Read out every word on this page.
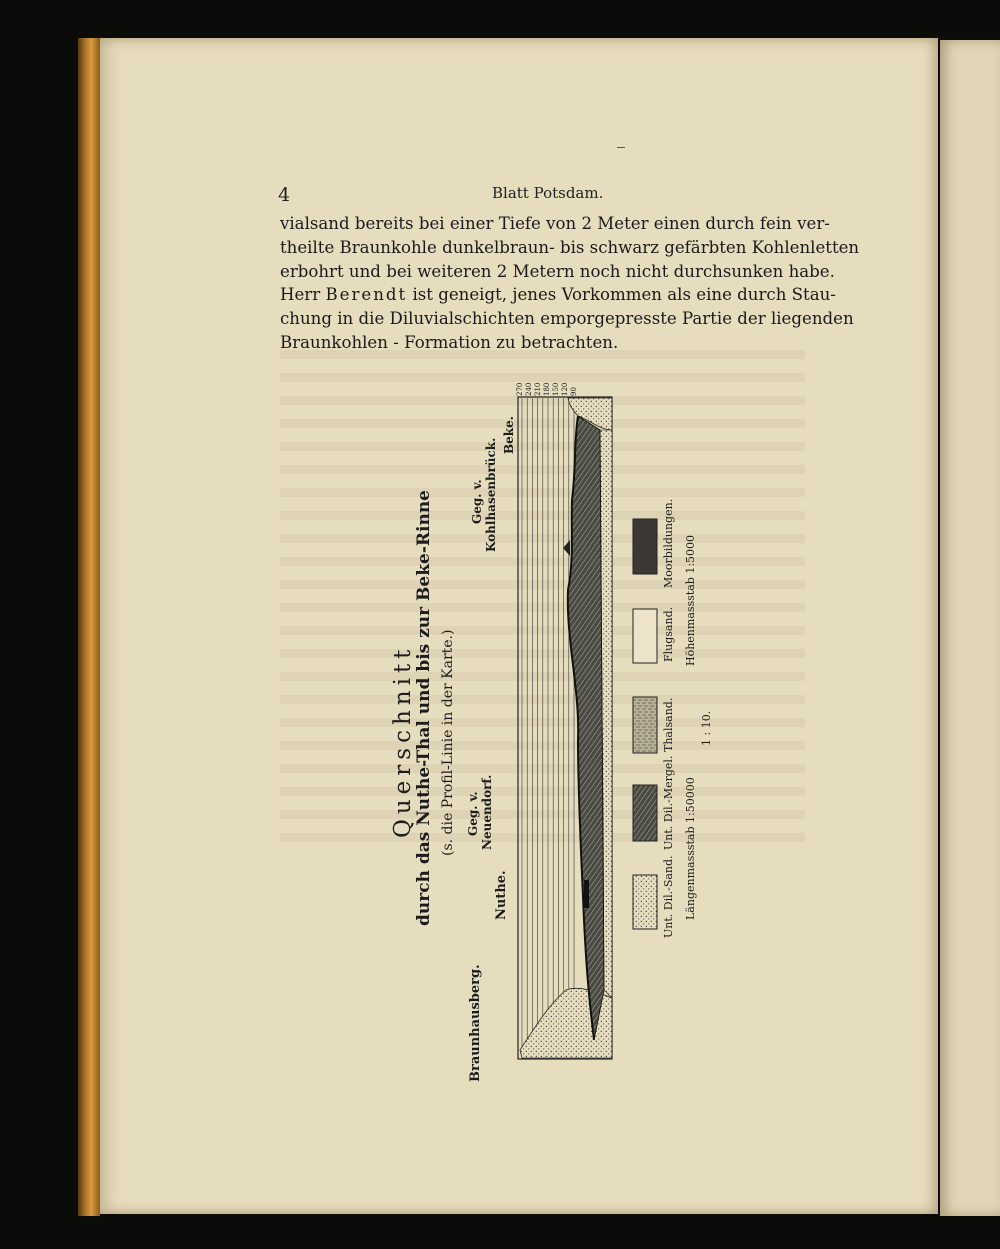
4	Blatt Potsdam.

vialsand bereits bei einer Tiefe von 2 Meter einen durch fein ver-
theilte Braunkohle dunkelbraun- bis schwarz gefärbten Kohlenletten
erbohrt und bei weiteren 2 Metern noch nicht durchsunken habe.
Herr Berendt ist geneigt, jenes Vorkommen als eine durch Stau-
chung in die Diluvialschichten emporgepresste Partie der liegenden
Braunkohlen - Formation zu betrachten.

Querschnitt
durch das Nuthe-Thal und bis zur Beke-Rinne (s. die Profil-Linie in der Karte.)
Braunhausberg.
Nuthe.
Geg. v. Neuendorf.
Geg. v. Kohlhasenbrück.
Beke.
270 240 210 180 150 120 90
Unt. Dil.-Sand.
Unt. Dil.-Mergel.
Thalsand.
Flugsand.
Moorbildungen.
Längenmassstab 1:50000
1 : 10.
Höhenmassstab 1:5000
